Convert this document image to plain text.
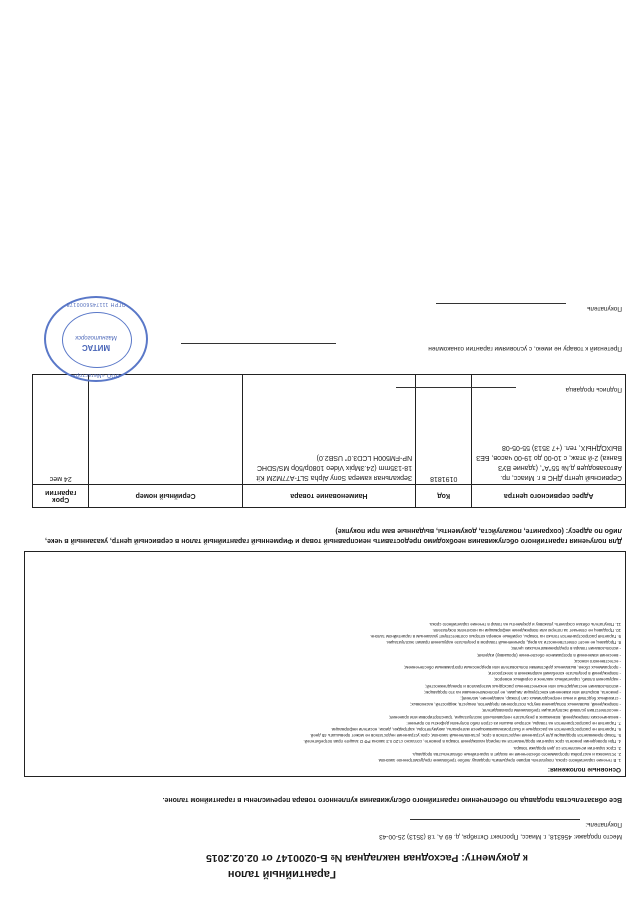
Гарантийный талон
к документу: Расходная накладная № Б-0200147 от 02.02.2015
Место продажи: 456318, г. Миасс, Проспект Октября, д. 69 А, т.8 (3513) 25-00-43
Покупатель:
Все обязательства продавца по обеспечению гарантийного обслуживания купленного товара перечислены в гарантийном талоне.
Основные положения:
1. В течение гарантийного срока, покупатель вправе предъявить продавцу любое требование предусмотренное законом.
2. Установка и настройка программного обеспечения не входит в гарантийные обязательства продавца.
3. Срок гарантии исчисляется со дня продажи товара.
4. При проведении ремонта срок гарантии продлевается на период нахождения товара в ремонте, согласно ст.20 п.3 закона РФ О защите прав потребителей.
5. Товар принимается продавцом для устранения недостатков в срок, установленный законом; срок устранения недостатков не может превышать 45 дней.
6. Гарантия не распространяется на расходные и быстроизнашивающиеся материалы, аккумуляторы, картриджи, диски, носители информации.
7. Гарантия не распространяется на товары, которые вышли из строя либо получили дефекты по причине:
- механических повреждений, возникших в результате неправильной эксплуатации, транспортировки или хранения;
- несоответствия условий эксплуатации требованиям производителя;
- повреждений, вызванных попаданием внутрь посторонних предметов, веществ, жидкостей, насекомых;
- стихийных бедствий и иных непреодолимых сил (пожар, наводнение, молния);
- ремонта, вскрытия или изменения конструкции лицами, не уполномоченными на это продавцом;
- использования нестандартных или некачественных расходных материалов и принадлежностей;
- нарушения пломб, гарантийных наклеек и серийных номеров;
- повреждений в результате колебаний напряжения в электросети;
- программных сбоев, вызванных действиями пользователя или вредоносным программным обеспечением;
- естественного износа;
- внесения изменений в программное обеспечение (прошивку) изделия;
- использования товара в предпринимательских целях;
8. Продавец не несёт ответственности за вред, причинённый товаром в результате нарушения правил эксплуатации.
9. Гарантия распространяется только на товары, серийные номера которых соответствуют указанным в гарантийном талоне.
10. Продавец не отвечает за потерю или повреждение информации на носителях покупателя.
11. Покупатель обязан сохранять упаковку и документы на товар в течение гарантийного срока.
Для получения гарантийного обслуживания необходимо предоставить неисправный товар и Фирменный гарантийный талон в сервисный центр, указанный в чеке, либо по адресу: (сохраните, пожалуйста, документы, выданные вам при покупке)
Адрес сервисного центра	Код	Наименование товара	Серийный номер	Срок гарантии
Сервисный центр ДНС в г. Миасс, пр. Автозаводцев д.№ 55"А", (здание ВУЗ Банка) 2-й этаж, с 10-00 до 19-00 часов, БЕЗ ВЫХОДНЫХ, тел. (+7 3513) 55-05-08	0191818	Зеркальная камера Sony Alpha SLT-A77M2M Kit 18-135mm (24.3Mpix Video 1080p/50p MS/SDHC NP-FM500H LCD3.0" USB2.0)		24 мес
Подпись продавца
Претензий к товару не имею, с условиями гарантии ознакомлен
Покупатель
ООО «Мегастор»
МИТАС
Магнитогорск
ОГРН 1117456000178
